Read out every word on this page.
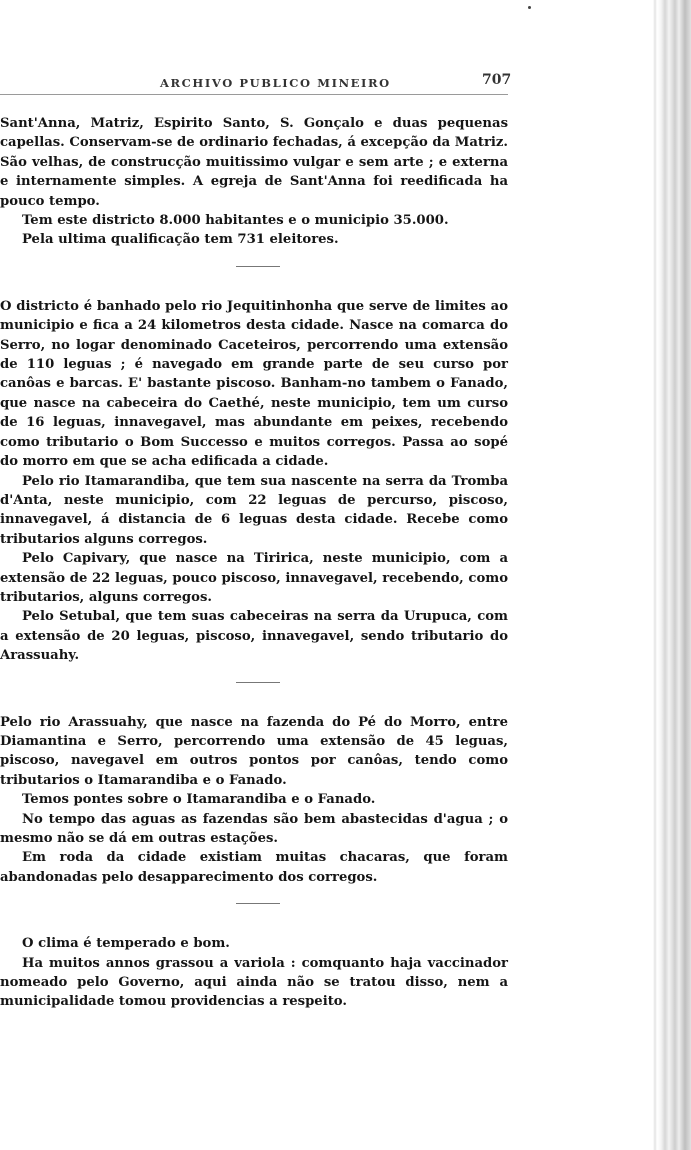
ARCHIVO PUBLICO MINEIRO	707

Sant'Anna, Matriz, Espirito Santo, S. Gonçalo e duas pequenas capellas. Conservam-se de ordinario fechadas, á excepção da Matriz. São velhas, de construcção muitissimo vulgar e sem arte ; e externa e internamente simples. A egreja de Sant'Anna foi reedificada ha pouco tempo.

Tem este districto 8.000 habitantes e o municipio 35.000.

Pela ultima qualificação tem 731 eleitores.

O districto é banhado pelo rio Jequitinhonha que serve de limites ao municipio e fica a 24 kilometros desta cidade. Nasce na comarca do Serro, no logar denominado Caceteiros, percorrendo uma extensão de 110 leguas ; é navegado em grande parte de seu curso por canôas e barcas. E' bastante piscoso. Banham-no tambem o Fanado, que nasce na cabeceira do Caethé, neste municipio, tem um curso de 16 leguas, innavegavel, mas abundante em peixes, recebendo como tributario o Bom Successo e muitos corregos. Passa ao sopé do morro em que se acha edificada a cidade.

Pelo rio Itamarandiba, que tem sua nascente na serra da Tromba d'Anta, neste municipio, com 22 leguas de percurso, piscoso, innavegavel, á distancia de 6 leguas desta cidade. Recebe como tributarios alguns corregos.

Pelo Capivary, que nasce na Tiririca, neste municipio, com a extensão de 22 leguas, pouco piscoso, innavegavel, recebendo, como tributarios, alguns corregos.

Pelo Setubal, que tem suas cabeceiras na serra da Urupuca, com a extensão de 20 leguas, piscoso, innavegavel, sendo tributario do Arassuahy.

Pelo rio Arassuahy, que nasce na fazenda do Pé do Morro, entre Diamantina e Serro, percorrendo uma extensão de 45 leguas, piscoso, navegavel em outros pontos por canôas, tendo como tributarios o Itamarandiba e o Fanado.

Temos pontes sobre o Itamarandiba e o Fanado.

No tempo das aguas as fazendas são bem abastecidas d'agua ; o mesmo não se dá em outras estações.

Em roda da cidade existiam muitas chacaras, que foram abandonadas pelo desapparecimento dos corregos.

O clima é temperado e bom.

Ha muitos annos grassou a variola : comquanto haja vaccinador nomeado pelo Governo, aqui ainda não se tratou disso, nem a municipalidade tomou providencias a respeito.
